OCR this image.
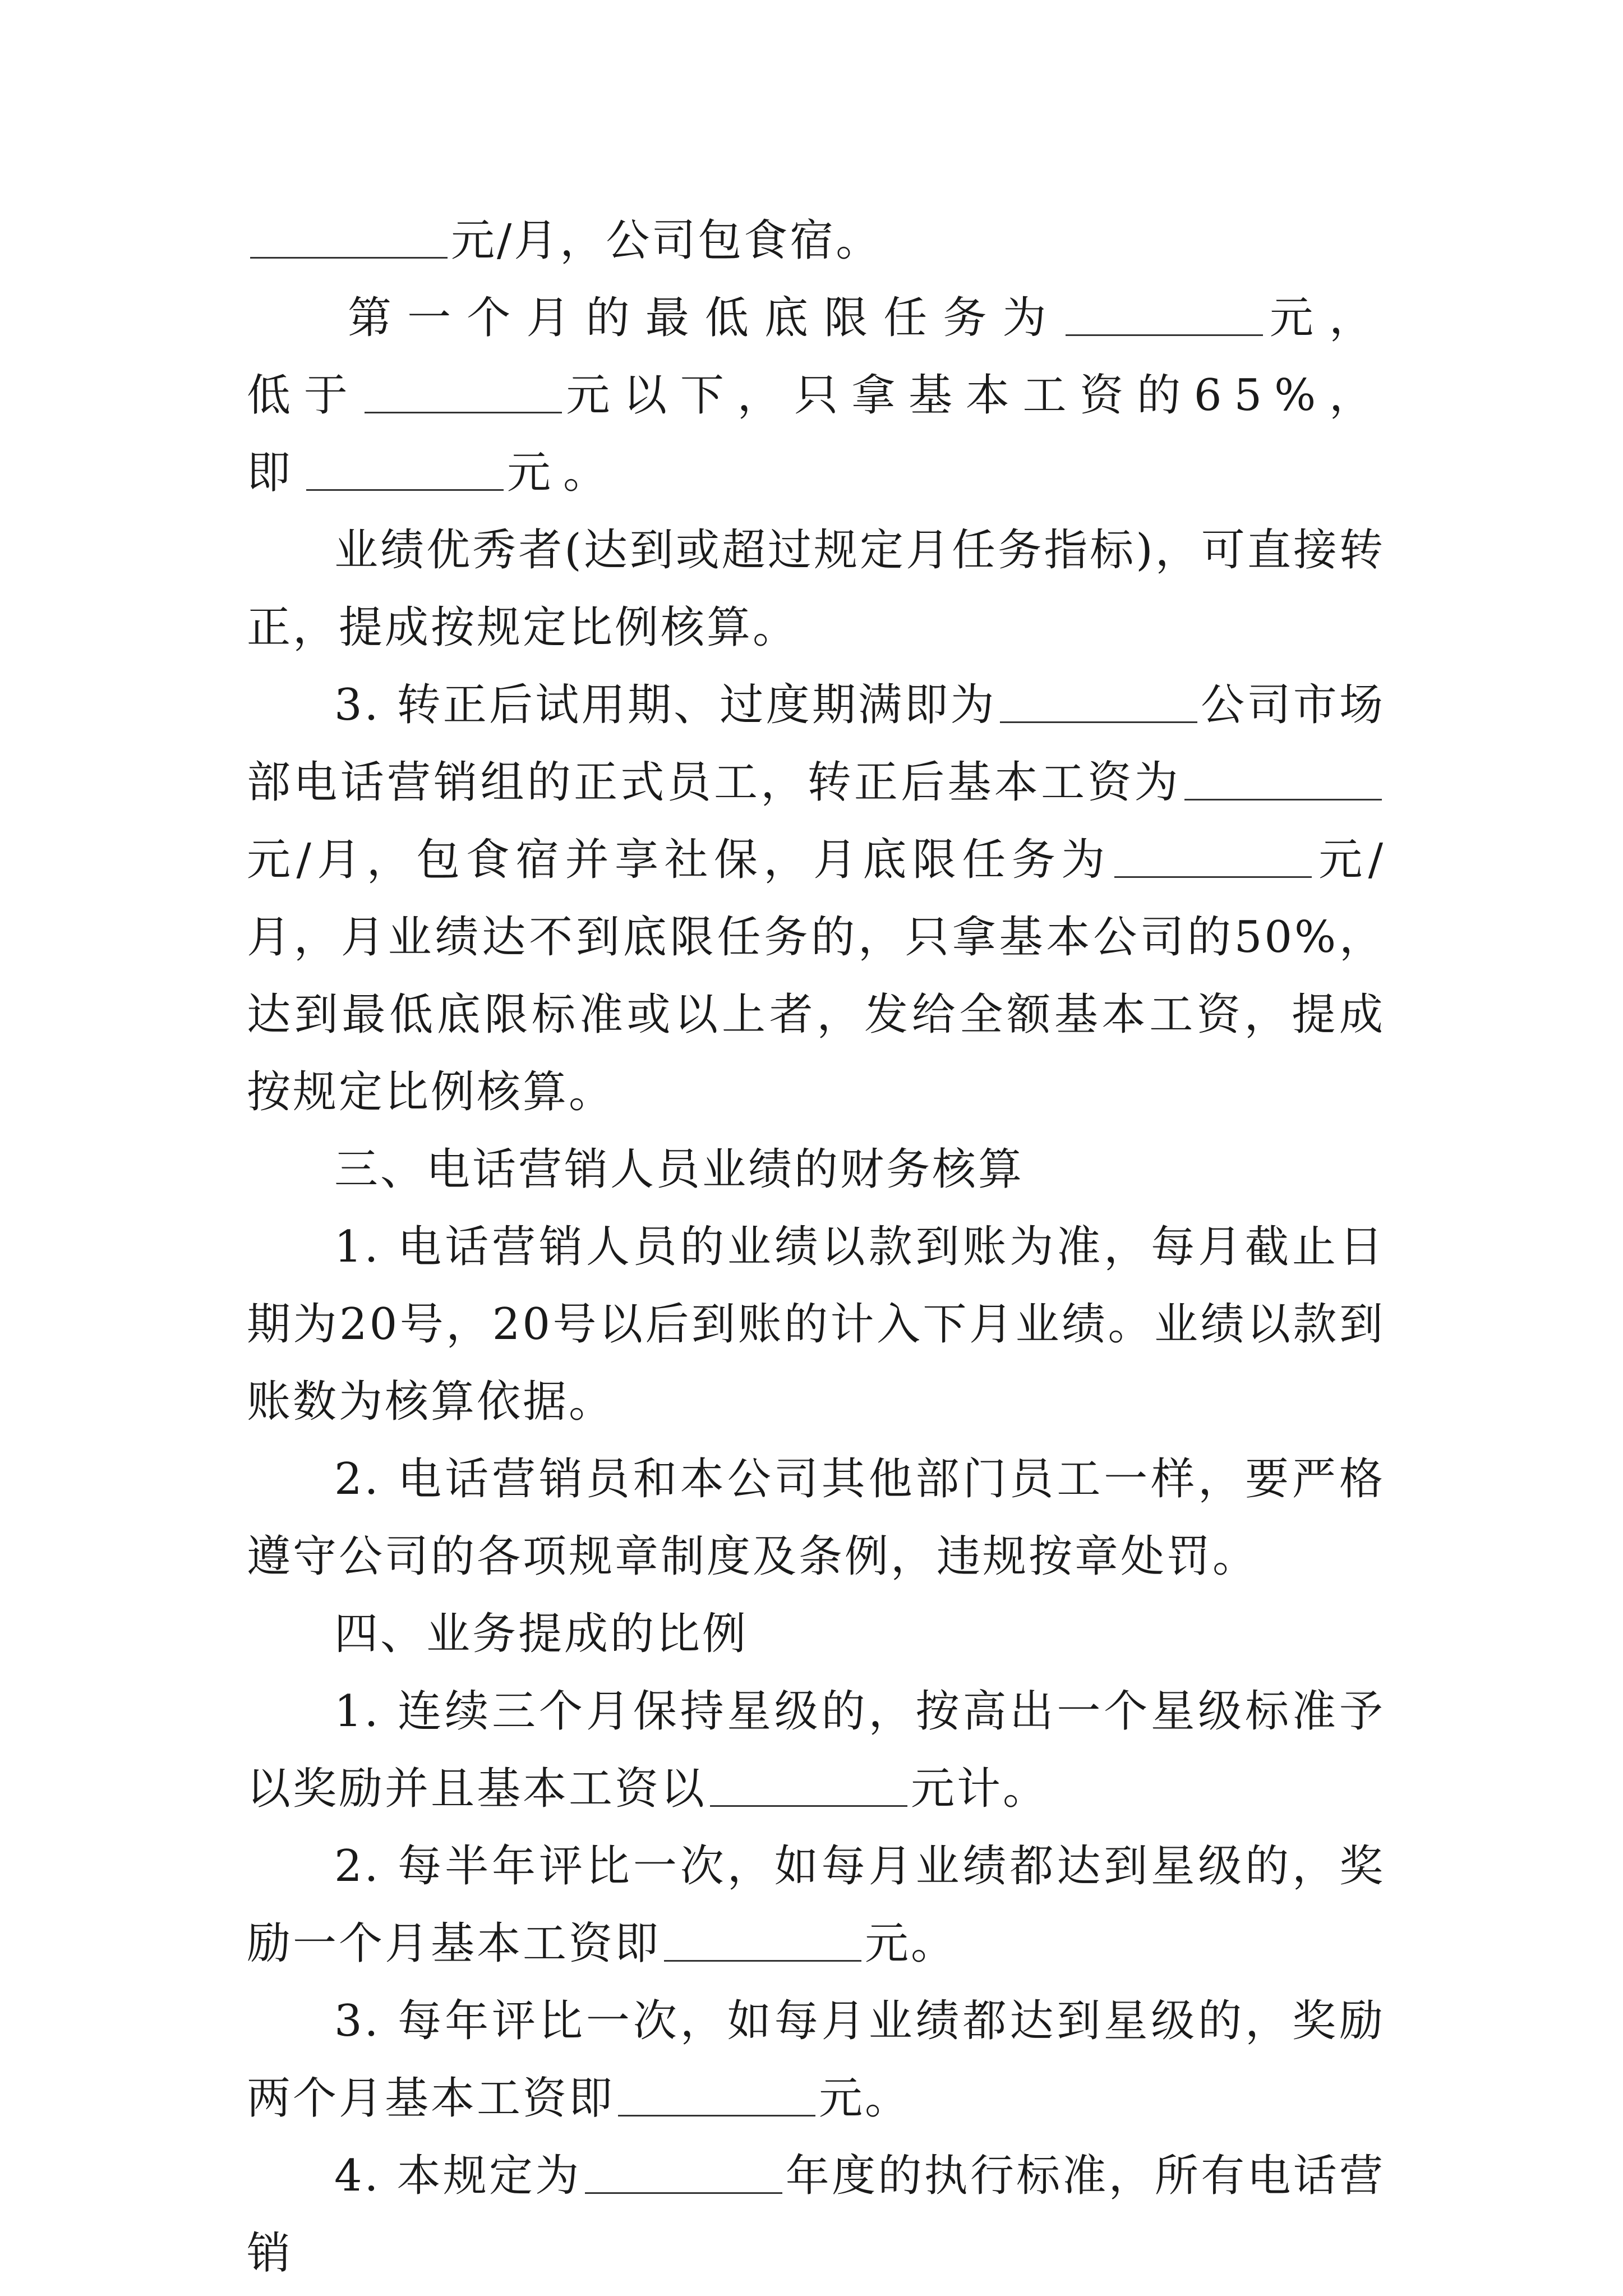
元/月，公司包食宿。

第一个月的最低底限任务为	元，低于	元以下，只拿基本工资的65%，即	元。

业绩优秀者(达到或超过规定月任务指标)，可直接转正，提成按规定比例核算。

3. 转正后试用期、过度期满即为	公司市场部电话营销组的正式员工，转正后基本工资为元/月，包食宿并享社保，月底限任务为	元/月，月业绩达不到底限任务的，只拿基本公司的50%，达到最低底限标准或以上者，发给全额基本工资，提成按规定比例核算。

三、电话营销人员业绩的财务核算

1. 电话营销人员的业绩以款到账为准，每月截止日期为20号，20号以后到账的计入下月业绩。业绩以款到账数为核算依据。

2. 电话营销员和本公司其他部门员工一样，要严格遵守公司的各项规章制度及条例，违规按章处罚。

四、业务提成的比例

1. 连续三个月保持星级的，按高出一个星级标准予以奖励并且基本工资以	元计。

2. 每半年评比一次，如每月业绩都达到星级的，奖励一个月基本工资即	元。

3. 每年评比一次，如每月业绩都达到星级的，奖励两个月基本工资即	元。

4. 本规定为	年度的执行标准，所有电话营销
